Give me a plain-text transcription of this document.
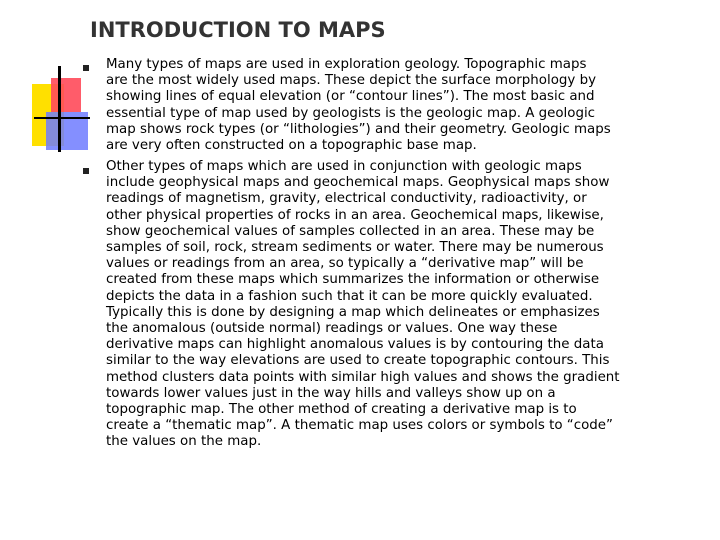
INTRODUCTION TO MAPS
Many types of maps are used in exploration geology. Topographic maps
are the most widely used maps. These depict the surface morphology by
showing lines of equal elevation (or “contour lines”). The most basic and
essential type of map used by geologists is the geologic map. A geologic
map shows rock types (or “lithologies”) and their geometry. Geologic maps
are very often constructed on a topographic base map.
Other types of maps which are used in conjunction with geologic maps
include geophysical maps and geochemical maps. Geophysical maps show
readings of magnetism, gravity, electrical conductivity, radioactivity, or
other physical properties of rocks in an area. Geochemical maps, likewise,
show geochemical values of samples collected in an area. These may be
samples of soil, rock, stream sediments or water. There may be numerous
values or readings from an area, so typically a “derivative map” will be
created from these maps which summarizes the information or otherwise
depicts the data in a fashion such that it can be more quickly evaluated.
Typically this is done by designing a map which delineates or emphasizes
the anomalous (outside normal) readings or values. One way these
derivative maps can highlight anomalous values is by contouring the data
similar to the way elevations are used to create topographic contours. This
method clusters data points with similar high values and shows the gradient
towards lower values just in the way hills and valleys show up on a
topographic map. The other method of creating a derivative map is to
create a “thematic map”. A thematic map uses colors or symbols to “code”
the values on the map.
